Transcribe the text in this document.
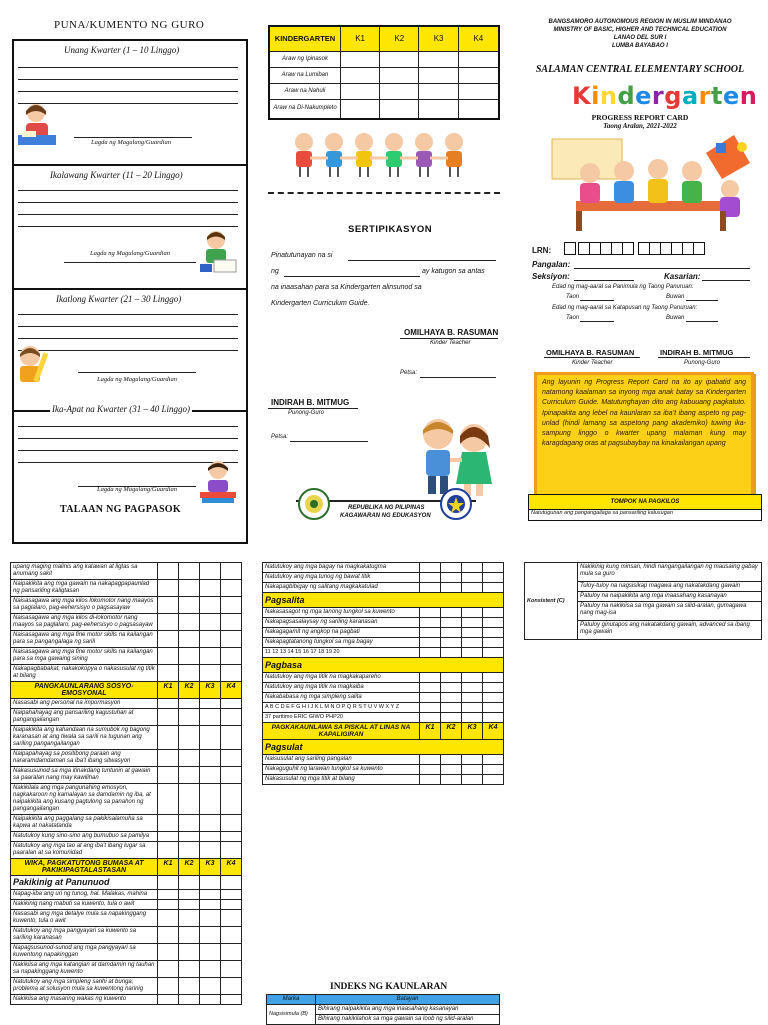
PUNA/KUMENTO NG GURO
Unang Kwarter (1 – 10 Linggo)
Lagda ng Magulang/Guardian
Ikalawang Kwarter (11 – 20 Linggo)
Lagda ng Magulang/Guardian
Ikatlong Kwarter (21 – 30 Linggo)
Lagda ng Magulang/Guardian
Ika-Apat na Kwarter (31 – 40 Linggo)
Lagda ng Magulang/Guardian
TALAAN NG PAGPASOK
KINDERGARTEN	K1	K2	K3	K4
Araw ng Ipinasok				
Araw na Lumiban				
Araw na Nahuli				
Araw na Di-Nakumpleto				
SERTIPIKASYON
Pinatutunayan na si
ng	ay katugon sa antas
na inaasahan para sa Kindergarten alinsunod sa
Kindergarten Curriculum Guide.
OMILHAYA B. RASUMAN
Kinder Teacher
Petsa:
INDIRAH B. MITMUG
Punong-Guro
Petsa:
REPUBLIKA NG PILIPINAS
KAGAWARAN NG EDUKASYON
BANGSAMORO AUTONOMOUS REGION IN MUSLIM MINDANAO
MINISTRY OF BASIC, HIGHER AND TECHNICAL EDUCATION
LANAO DEL SUR I
LUMBA BAYABAO I
SALAMAN CENTRAL ELEMENTARY SCHOOL
Kindergarten
PROGRESS REPORT CARD
Taong Aralan, 2021-2022
LRN:
Pangalan:
Seksiyon:	Kasarian:
Edad ng mag-aaral sa Panimula ng Taong Panuruan:
Taon	Buwan
Edad ng mag-aaral sa Katapusan ng Taong Panuruan:
Taon	Buwan
OMILHAYA B. RASUMAN
Kinder Teacher
INDIRAH B. MITMUG
Punong-Guro
Ang layunin ng Progress Report Card na ito ay ipabatid ang natamong kaalaman sa inyong mga anak batay sa Kindergarten Curriculum Guide. Matutunghayan dito ang kabuuang pagkatuto. Ipinapakita ang lebel na kaunlaran sa iba’t ibang aspeto ng pag-unlad (hindi lamang sa aspetong pang akademiko) tuwing ika- sampung linggo o kwarter upang malaman kung may karagdagang oras at pagsubaybay na kinakailangan upang
TOMPOK NA PAGKILOS
Natutugunan ang pangangailaga sa pansariling kalusugan
upang maging malinis ang katawan at ligtas sa anumang sakit				
Naipakikita ang mga gawain na nakapagpapaunlad ng pansariling kaligtasan				
Naisasagawa ang mga kilos lokomotor nang maayos sa paglalaro, pag-eehersisyo o pagsasayaw				
Naisasagawa ang mga kilos di-lokomotor nang maayos sa paglalaro, pag-eehersisyo o pagsasayaw				
Naisasagawa ang mga fine motor skills na kailangan para sa pangangalaga ng sarili				
Naisasagawa ang mga fine motor skills na kailangan para sa mga gawaing sining				
Nakapagbabakat, nakakokopya o nakasusulat ng titik at bilang				
PANGKAUNLARANG SOSYO-EMOSYONAL	K1	K2	K3	K4
Nasasabi ang personal na impormasyon				
Naipahahayag ang pansariling kagustuhan at pangangailangan				
Naipakikita ang kahandaan na sumubok ng bagong karanasan at ang tiwala sa sarili na tugunan ang sariling pangangailangan				
Naipapahayag sa positibong paraan ang nararamdamdaman sa iba’t ibang sitwasyon				
Nakasusunod sa mga itinakdang tuntunin at gawain sa paaralan nang may kawilihan				
Nakikilala ang mga pangunahing emosyon, nagkakaroon ng kamalayan sa damdamin ng iba, at naipakikita ang kusang pagtulong sa panahon ng pangangailangan				
Naipakikita ang paggalang sa pakikisalamuha sa kapwa at nakatatanda				
Natutukoy kung sino-sino ang bumubuo sa pamilya				
Natutukoy ang mga tao at ang iba’t ibang lugar sa paaralan at sa komunidad				
WIKA, PAGKATUTONG BUMASA AT PAKIKIPAGTALASTASAN	K1	K2	K3	K4
Pakikinig at Panunuod				
Napag-iiba ang uri ng tunog, hal. Malakas, mahina				
Nakikinig nang mabuti sa kuwento, tula o awit				
Nasasabi ang mga detalye mula sa napakinggang kuwento, tula o awit				
Natutukoy ang mga pangyayari sa kuwento sa sariling karanasan				
Napagsusunod-sunod ang mga pangyayari sa kuwentong napakinggan				
Nakikiisa ang mga katangian at damdamin ng tauhan sa napakinggang kuwento				
Natutukoy ang mga simpleng sanhi at bunga; problema at solusyon mula sa kuwentong narinig				
Nakikiisa ang masaring wakas ng kuwento				
Natutukoy ang mga bagay na magkakatugma				
Natutukoy ang mga tunog ng bawat titik				
Nakapagbibigay ng salitang magkakatulad				
Pagsalita				
Nakasasagot ng mga tanong tungkol sa kuwento				
Nakapagsasalaysay ng sariling karanasan				
Nakagagamit ng angkop na pagbati				
Nakapagtatanong tungkol sa mga bagay				
11 12 13 14 15 16 17 18 19 20				
Pagbasa				
Natutukoy ang mga titik na magkakapareho				
Natutukoy ang mga titik na magkaiba				
Nakababasa ng mga simpleng salita				
A B C D E F G H I J K L M N O P Q R S T U V W X Y Z				
37 parttimo ERIC GIWO PHP20				
PAGKAKAUNLAWA SA PISKAL AT LINAS NA KAPALIGIRAN	K1	K2	K3	K4
Pagsulat				
Naisusulat ang sariling pangalan				
Nakaguguhit ng larawan tungkol sa kuwento				
Nakasusulat ng mga titik at bilang				
INDEKS NG KAUNLARAN
Marka	Batayan
Nagsisimula (B)	Bihirang naipakikita ang mga inaasahang kasanayan
	Bihirang nakikilahok sa mga gawain sa loob ng silid-aralan
Konsistent (C)	Nakikinig kung minsan, hindi nangangailangan ng mausaing gabay mula sa guro
Tuloy-tuloy na nagsisikap magawa ang nakatakdang gawain
Patuloy na naipakikita ang mga inaasahang kasanayan
Patuloy na nakikiisa sa mga gawain sa silid-aralan, gumagawa nang mag-isa
Patuloy ginutapos ang nakatakdang gawain, advanced sa ibang mga gawain
